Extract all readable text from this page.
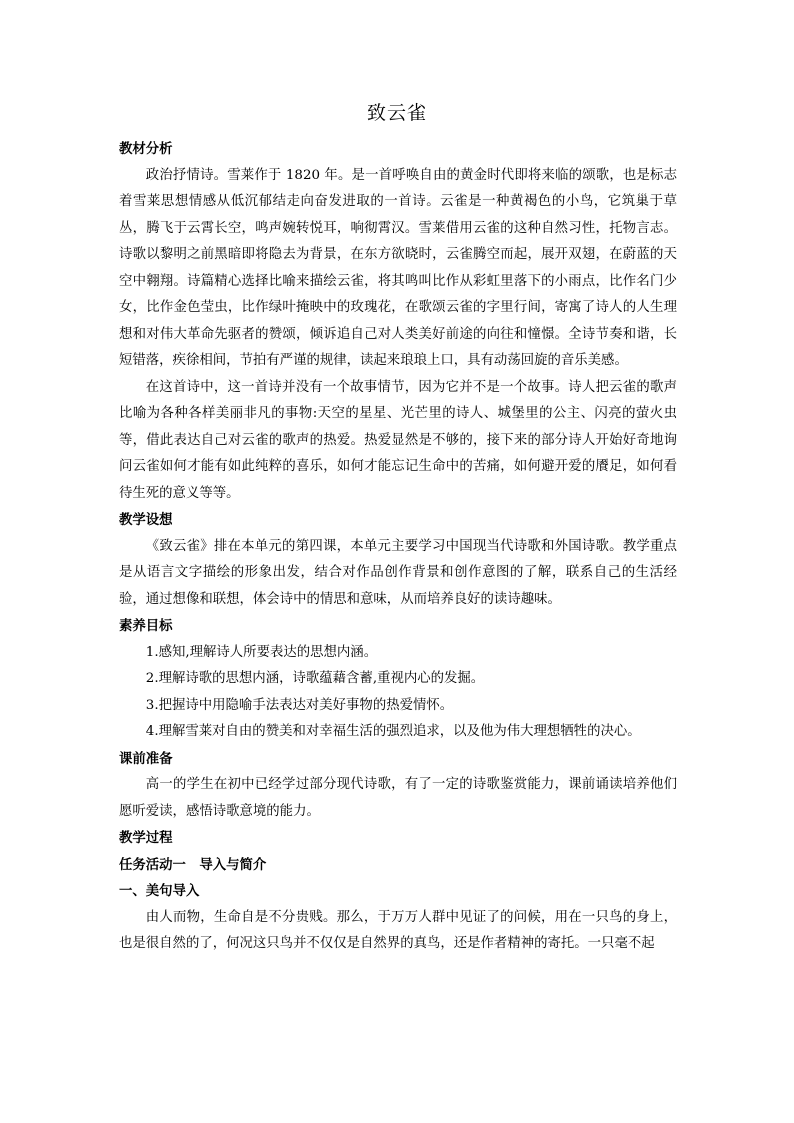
致云雀

教材分析

政治抒情诗。雪莱作于 1820 年。是一首呼唤自由的黄金时代即将来临的颂歌，也是标志着雪莱思想情感从低沉郁结走向奋发进取的一首诗。云雀是一种黄褐色的小鸟，它筑巢于草丛，腾飞于云霄长空，鸣声婉转悦耳，响彻霄汉。雪莱借用云雀的这种自然习性，托物言志。诗歌以黎明之前黑暗即将隐去为背景，在东方欲晓时，云雀腾空而起，展开双翅，在蔚蓝的天空中翱翔。诗篇精心选择比喻来描绘云雀，将其鸣叫比作从彩虹里落下的小雨点，比作名门少女，比作金色莹虫，比作绿叶掩映中的玫瑰花，在歌颂云雀的字里行间，寄寓了诗人的人生理想和对伟大革命先驱者的赞颂，倾诉追自己对人类美好前途的向往和憧憬。全诗节奏和谐，长短错落，疾徐相间，节拍有严谨的规律，读起来琅琅上口，具有动荡回旋的音乐美感。

在这首诗中，这一首诗并没有一个故事情节，因为它并不是一个故事。诗人把云雀的歌声比喻为各种各样美丽非凡的事物:天空的星星、光芒里的诗人、城堡里的公主、闪亮的萤火虫等，借此表达自己对云雀的歌声的热爱。热爱显然是不够的，接下来的部分诗人开始好奇地询问云雀如何才能有如此纯粹的喜乐，如何才能忘记生命中的苦痛，如何避开爱的餍足，如何看待生死的意义等等。

教学设想

《致云雀》排在本单元的第四课，本单元主要学习中国现当代诗歌和外国诗歌。教学重点是从语言文字描绘的形象出发，结合对作品创作背景和创作意图的了解，联系自己的生活经验，通过想像和联想，体会诗中的情思和意味，从而培养良好的读诗趣味。

素养目标

1.感知,理解诗人所要表达的思想内涵。

2.理解诗歌的思想内涵，诗歌蕴藉含蓄,重视内心的发掘。

3.把握诗中用隐喻手法表达对美好事物的热爱情怀。

4.理解雪莱对自由的赞美和对幸福生活的强烈追求，以及他为伟大理想牺牲的决心。

课前准备

高一的学生在初中已经学过部分现代诗歌，有了一定的诗歌鉴赏能力，课前诵读培养他们愿听爱读，感悟诗歌意境的能力。

教学过程

任务活动一　导入与简介

一、美句导入

由人而物，生命自是不分贵贱。那么，于万万人群中见证了的问候，用在一只鸟的身上，也是很自然的了，何况这只鸟并不仅仅是自然界的真鸟，还是作者精神的寄托。一只毫不起
